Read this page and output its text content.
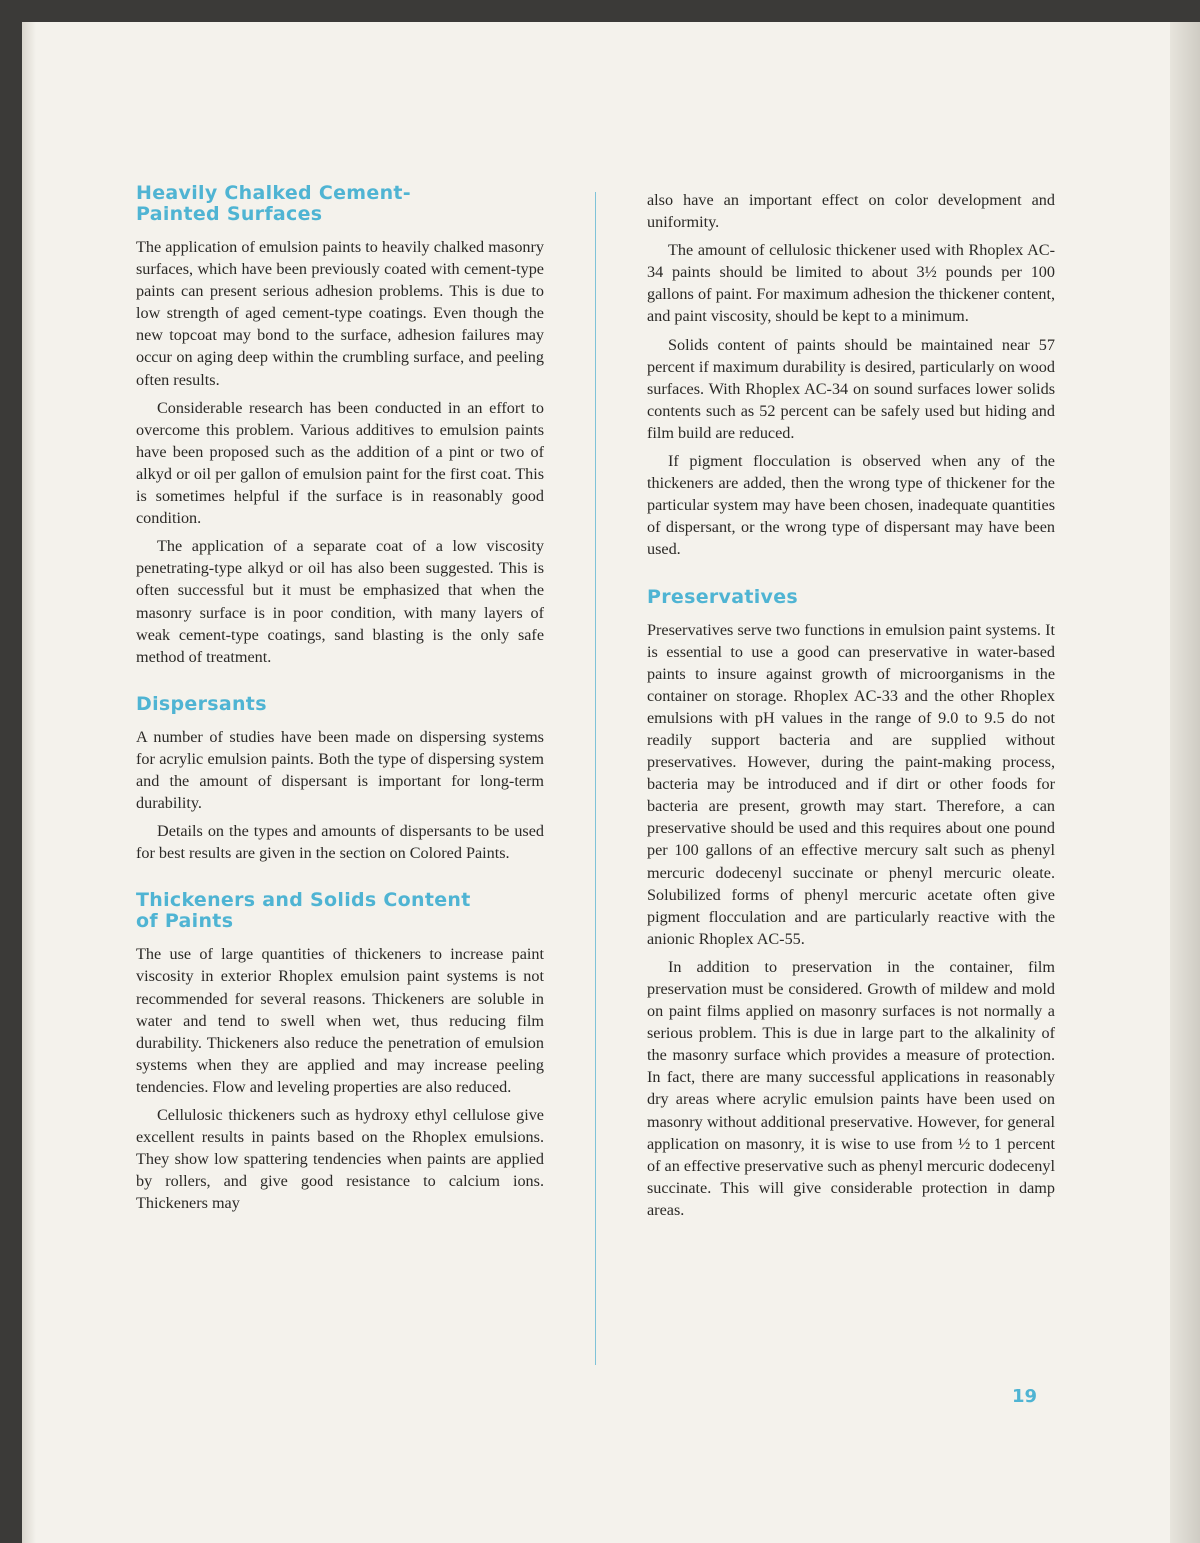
Heavily Chalked Cement-
Painted Surfaces

The application of emulsion paints to heavily chalked masonry surfaces, which have been previously coated with cement-type paints can present serious adhesion problems. This is due to low strength of aged cement-type coatings. Even though the new topcoat may bond to the surface, adhesion failures may occur on aging deep within the crumbling surface, and peeling often results.

Considerable research has been conducted in an effort to overcome this problem. Various additives to emulsion paints have been proposed such as the addition of a pint or two of alkyd or oil per gallon of emulsion paint for the first coat. This is sometimes helpful if the surface is in reasonably good condition.

The application of a separate coat of a low viscosity penetrating-type alkyd or oil has also been suggested. This is often successful but it must be emphasized that when the masonry surface is in poor condition, with many layers of weak cement-type coatings, sand blasting is the only safe method of treatment.

Dispersants

A number of studies have been made on dispersing systems for acrylic emulsion paints. Both the type of dispersing system and the amount of dispersant is important for long-term durability.

Details on the types and amounts of dispersants to be used for best results are given in the section on Colored Paints.

Thickeners and Solids Content
of Paints

The use of large quantities of thickeners to increase paint viscosity in exterior Rhoplex emulsion paint systems is not recommended for several reasons. Thickeners are soluble in water and tend to swell when wet, thus reducing film durability. Thickeners also reduce the penetration of emulsion systems when they are applied and may increase peeling tendencies. Flow and leveling properties are also reduced.

Cellulosic thickeners such as hydroxy ethyl cellulose give excellent results in paints based on the Rhoplex emulsions. They show low spattering tendencies when paints are applied by rollers, and give good resistance to calcium ions. Thickeners may

also have an important effect on color development and uniformity.

The amount of cellulosic thickener used with Rhoplex AC-34 paints should be limited to about 3½ pounds per 100 gallons of paint. For maximum adhesion the thickener content, and paint viscosity, should be kept to a minimum.

Solids content of paints should be maintained near 57 percent if maximum durability is desired, particularly on wood surfaces. With Rhoplex AC-34 on sound surfaces lower solids contents such as 52 percent can be safely used but hiding and film build are reduced.

If pigment flocculation is observed when any of the thickeners are added, then the wrong type of thickener for the particular system may have been chosen, inadequate quantities of dispersant, or the wrong type of dispersant may have been used.

Preservatives

Preservatives serve two functions in emulsion paint systems. It is essential to use a good can preservative in water-based paints to insure against growth of microorganisms in the container on storage. Rhoplex AC-33 and the other Rhoplex emulsions with pH values in the range of 9.0 to 9.5 do not readily support bacteria and are supplied without preservatives. However, during the paint-making process, bacteria may be introduced and if dirt or other foods for bacteria are present, growth may start. Therefore, a can preservative should be used and this requires about one pound per 100 gallons of an effective mercury salt such as phenyl mercuric dodecenyl succinate or phenyl mercuric oleate. Solubilized forms of phenyl mercuric acetate often give pigment flocculation and are particularly reactive with the anionic Rhoplex AC-55.

In addition to preservation in the container, film preservation must be considered. Growth of mildew and mold on paint films applied on masonry surfaces is not normally a serious problem. This is due in large part to the alkalinity of the masonry surface which provides a measure of protection. In fact, there are many successful applications in reasonably dry areas where acrylic emulsion paints have been used on masonry without additional preservative. However, for general application on masonry, it is wise to use from ½ to 1 percent of an effective preservative such as phenyl mercuric dodecenyl succinate. This will give considerable protection in damp areas.

19
